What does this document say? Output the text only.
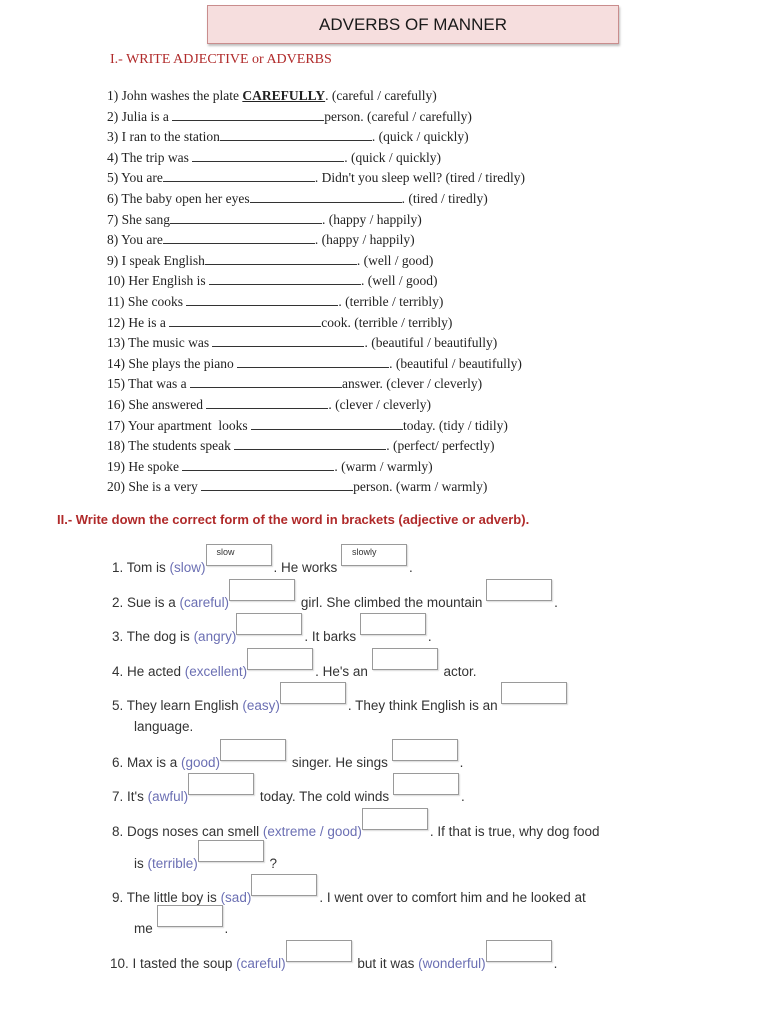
ADVERBS OF MANNER
I.- WRITE ADJECTIVE or ADVERBS
1) John washes the plate CAREFULLY. (careful / carefully)
2) Julia is a	person. (careful / carefully)
3) I ran to the station	. (quick / quickly)
4) The trip was	. (quick / quickly)
5) You are	. Didn't you sleep well? (tired / tiredly)
6) The baby open her eyes	. (tired / tiredly)
7) She sang	. (happy / happily)
8) You are	. (happy / happily)
9) I speak English	. (well / good)
10) Her English is	. (well / good)
11) She cooks	. (terrible / terribly)
12) He is a	cook. (terrible / terribly)
13) The music was	. (beautiful / beautifully)
14) She plays the piano	. (beautiful / beautifully)
15) That was a	answer. (clever / cleverly)
16) She answered	. (clever / cleverly)
17) Your apartment  looks	today. (tidy / tidily)
18) The students speak	. (perfect/ perfectly)
19) He spoke	. (warm / warmly)
20) She is a very	person. (warm / warmly)
II.- Write down the correct form of the word in brackets (adjective or adverb).
1. Tom is (slow)
slow
. He works
slowly
.
2. Sue is a (careful)	girl. She climbed the mountain	.
3. The dog is (angry)	. It barks	.
4. He acted (excellent)	. He's an	actor.
5. They learn English (easy)	. They think English is an
language.
6. Max is a (good)	singer. He sings	.
7. It's (awful)	today. The cold winds	.
8. Dogs noses can smell (extreme / good)	. If that is true, why dog food
is (terrible)	?
9. The little boy is (sad)	. I went over to comfort him and he looked at
me	.
10. I tasted the soup (careful)	but it was (wonderful)	.
